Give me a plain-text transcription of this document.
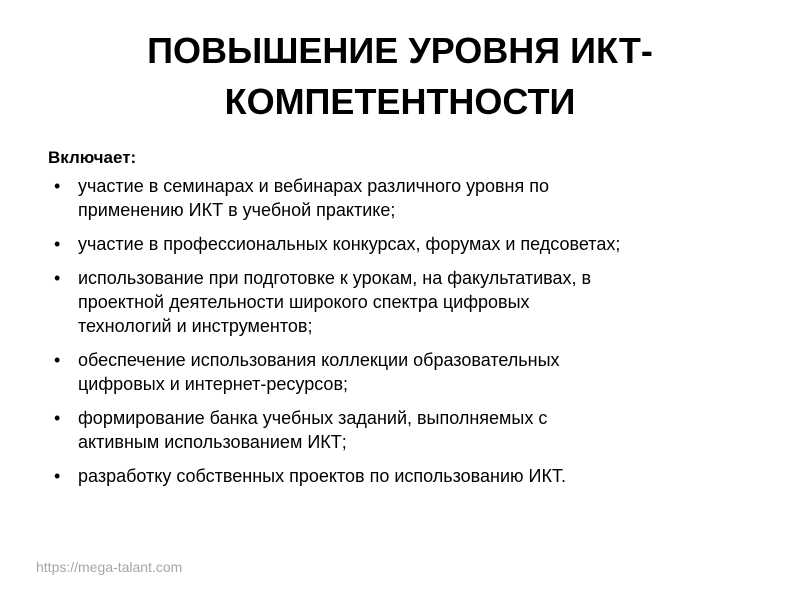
ПОВЫШЕНИЕ УРОВНЯ ИКТ-
КОМПЕТЕНТНОСТИ

Включает:

• участие в семинарах и вебинарах различного уровня по
применению ИКТ в учебной практике;
• участие в профессиональных конкурсах, форумах и педсоветах;
• использование при подготовке к урокам, на факультативах, в
проектной деятельности широкого спектра цифровых
технологий и инструментов;
• обеспечение использования коллекции образовательных
цифровых и интернет-ресурсов;
• формирование банка учебных заданий, выполняемых с
активным использованием ИКТ;
• разработку собственных проектов по использованию ИКТ.
https://mega-talant.com
